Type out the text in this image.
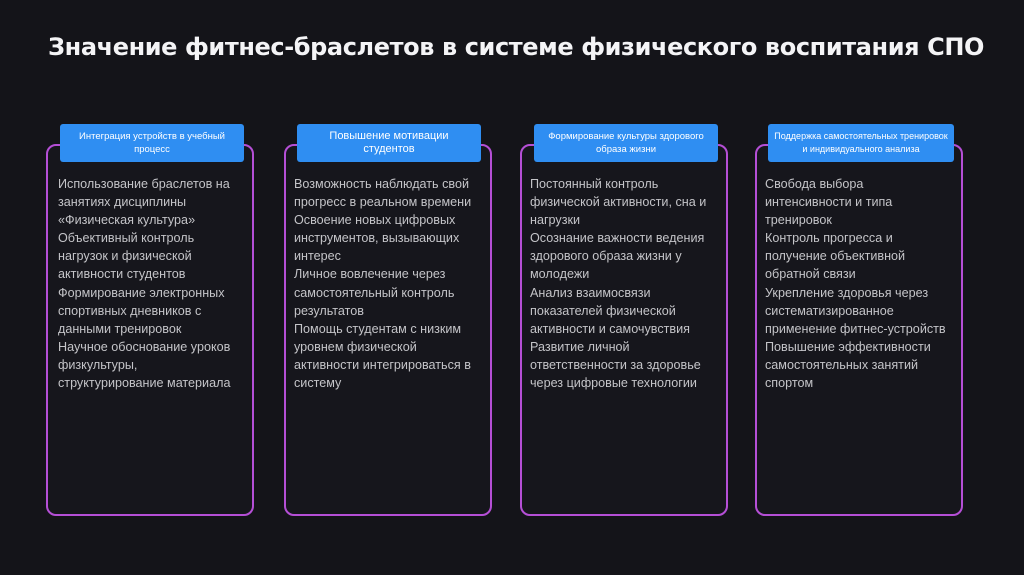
Значение фитнес-браслетов в системе физического воспитания СПО
Интеграция устройств в учебный
процесс

Использование браслетов на
занятиях дисциплины
«Физическая культура»
Объективный контроль
нагрузок и физической
активности студентов
Формирование электронных
спортивных дневников с
данными тренировок
Научное обоснование уроков
физкультуры,
структурирование материала

Повышение мотивации студентов

Возможность наблюдать свой
прогресс в реальном времени
Освоение новых цифровых
инструментов, вызывающих
интерес
Личное вовлечение через
самостоятельный контроль
результатов
Помощь студентам с низким
уровнем физической
активности интегрироваться в
систему

Формирование культуры здорового
образа жизни

Постоянный контроль
физической активности, сна и
нагрузки
Осознание важности ведения
здорового образа жизни у
молодежи
Анализ взаимосвязи
показателей физической
активности и самочувствия
Развитие личной
ответственности за здоровье
через цифровые технологии

Поддержка самостоятельных тренировок
и индивидуального анализа

Свобода выбора
интенсивности и типа
тренировок
Контроль прогресса и
получение объективной
обратной связи
Укрепление здоровья через
систематизированное
применение фитнес-устройств
Повышение эффективности
самостоятельных занятий
спортом
